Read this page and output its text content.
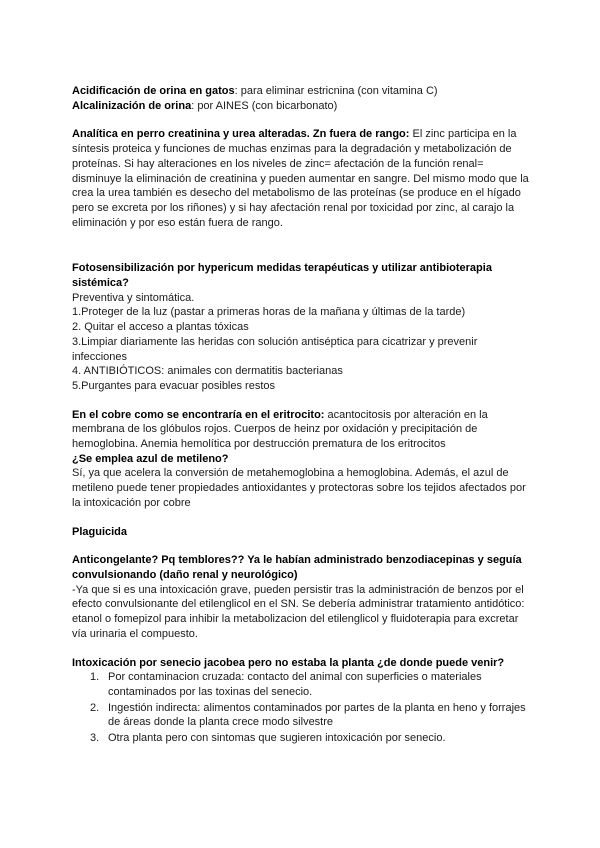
Acidificación de orina en gatos: para eliminar estricnina (con vitamina C)

Alcalinización de orina: por AINES (con bicarbonato)

Analítica en perro creatinina y urea alteradas. Zn fuera de rango: El zinc participa en la síntesis proteica y funciones de muchas enzimas para la degradación y metabolización de proteínas. Si hay alteraciones en los niveles de zinc= afectación de la función renal= disminuye la eliminación de creatinina y pueden aumentar en sangre. Del mismo modo que la crea la urea también es desecho del metabolismo de las proteínas (se produce en el hígado pero se excreta por los riñones) y si hay afectación renal por toxicidad por zinc, al carajo la eliminación y por eso están fuera de rango.

Fotosensibilización por hypericum medidas terapéuticas y utilizar antibioterapia sistémica?

Preventiva y sintomática.

1.Proteger de la luz (pastar a primeras horas de la mañana y últimas de la tarde)

2. Quitar el acceso a plantas tóxicas

3.Limpiar diariamente las heridas con solución antiséptica para cicatrizar y prevenir infecciones

4. ANTIBIÓTICOS: animales con dermatitis bacterianas

5.Purgantes para evacuar posibles restos

En el cobre como se encontraría en el eritrocito: acantocitosis por alteración en la membrana de los glóbulos rojos. Cuerpos de heinz por oxidación y precipitación de hemoglobina. Anemia hemolítica por destrucción prematura de los eritrocitos

¿Se emplea azul de metileno?

Sí, ya que acelera la conversión de metahemoglobina a hemoglobina. Además, el azul de metileno puede tener propiedades antioxidantes y protectoras sobre los tejidos afectados por la intoxicación por cobre

Plaguicida

Anticongelante? Pq temblores?? Ya le habían administrado benzodiacepinas y seguía convulsionando (daño renal y neurológico)

-Ya que si es una intoxicación grave, pueden persistir tras la administración de benzos por el efecto convulsionante del etilenglicol en el SN. Se debería administrar tratamiento antidótico: etanol o fomepizol para inhibir la metabolizacion del etilenglicol y fluidoterapia para excretar vía urinaria el compuesto.

Intoxicación por senecio jacobea pero no estaba la planta ¿de donde puede venir?

1. Por contaminacion cruzada: contacto del animal con superficies o materiales contaminados por las toxinas del senecio.
2. Ingestión indirecta: alimentos contaminados por partes de la planta en heno y forrajes de áreas donde la planta crece modo silvestre
3. Otra planta pero con sintomas que sugieren intoxicación por senecio.
